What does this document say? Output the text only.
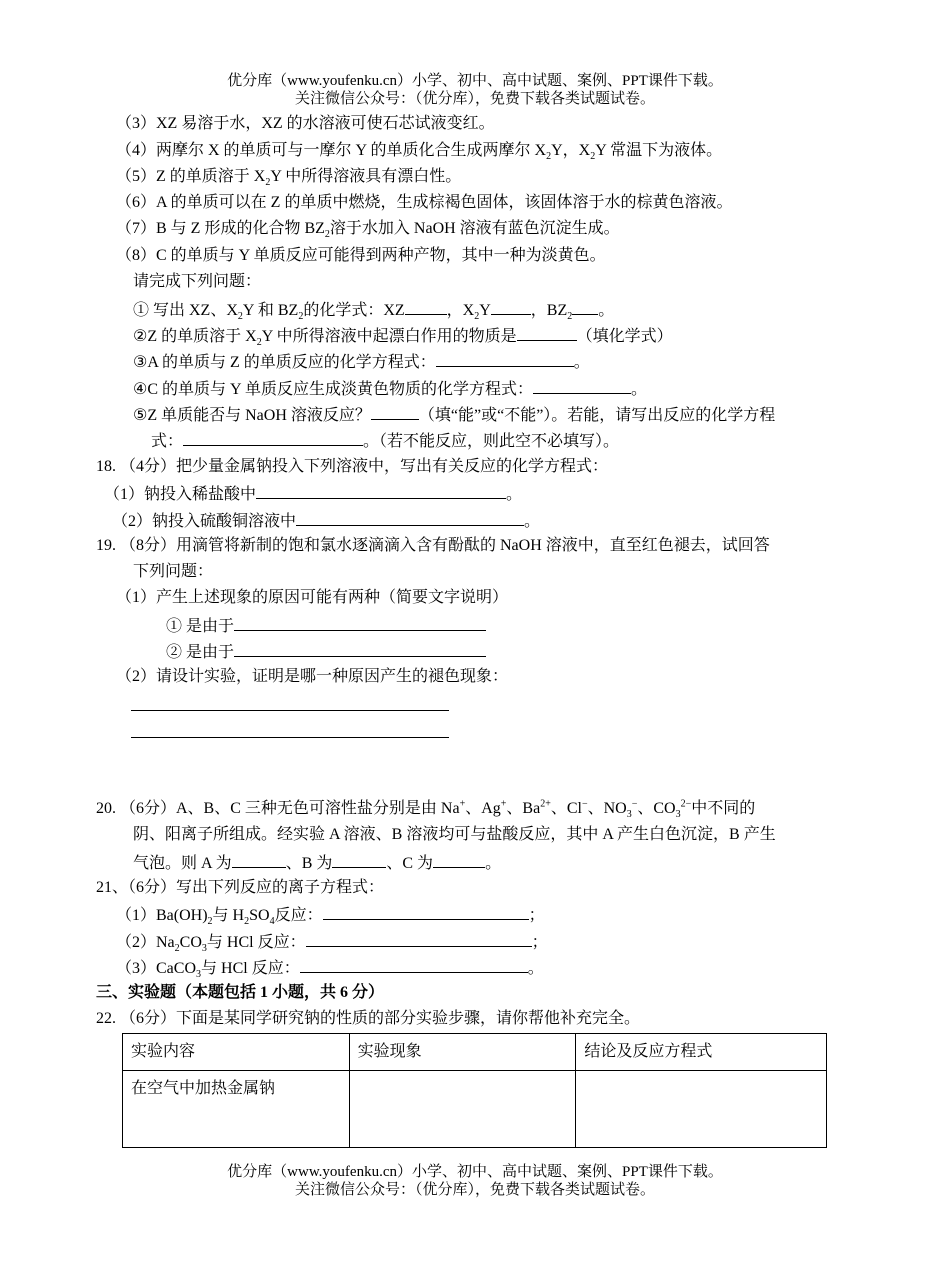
优分库（www.youfenku.cn）小学、初中、高中试题、案例、PPT课件下载。
关注微信公众号：（优分库），免费下载各类试题试卷。
（3）XZ 易溶于水，XZ 的水溶液可使石芯试液变红。
（4）两摩尔 X 的单质可与一摩尔 Y 的单质化合生成两摩尔 $X_2Y$，$X_2Y$ 常温下为液体。
（5）Z 的单质溶于 $X_2Y$ 中所得溶液具有漂白性。
（6）A 的单质可以在 Z 的单质中燃烧，生成棕褐色固体，该固体溶于水的棕黄色溶液。
（7）B 与 Z 形成的化合物 $BZ_2$溶于水加入 NaOH 溶液有蓝色沉淀生成。
（8）C 的单质与 Y 单质反应可能得到两种产物，其中一种为淡黄色。
请完成下列问题：
① 写出 XZ、$X_2Y$ 和 $BZ_2$的化学式：XZ	，$X_2Y$	，$BZ_2$ 。
②Z 的单质溶于 $X_2Y$ 中所得溶液中起漂白作用的物质是	（填化学式）
③A 的单质与 Z 的单质反应的化学方程式：	。
④C 的单质与 Y 单质反应生成淡黄色物质的化学方程式：	。
⑤Z 单质能否与 NaOH 溶液反应？	（填“能”或“不能”）。若能，请写出反应的化学方程
式：	。（若不能反应，则此空不必填写）。
18. （4分）把少量金属钠投入下列溶液中，写出有关反应的化学方程式：
（1）钠投入稀盐酸中	。
（2）钠投入硫酸铜溶液中	。
19. （8分）用滴管将新制的饱和氯水逐滴滴入含有酚酞的 NaOH 溶液中，直至红色褪去，试回答
下列问题：
（1）产生上述现象的原因可能有两种（简要文字说明）
① 是由于
② 是由于
（2）请设计实验，证明是哪一种原因产生的褪色现象：
20. （6分）A、B、C 三种无色可溶性盐分别是由 Na+、Ag+、$Ba^{2+}$、Cl−、$NO_3^-$、$CO_3^{2-}$中不同的
阴、阳离子所组成。经实验 A 溶液、B 溶液均可与盐酸反应，其中 A 产生白色沉淀，B 产生
气泡。则 A 为	、B 为	、C 为	。
21、（6分）写出下列反应的离子方程式：
$(1)Ba(OH)_2$与 $H_2SO_4$反应：	；
$(2)Na_2CO_3$与 HCl 反应：	；
（3）CaCO$_3$与 HCl 反应：	。
三、实验题（本题包括 1 小题，共 6 分）
22. （6分）下面是某同学研究钠的性质的部分实验步骤，请你帮他补充完全。
实验内容	实验现象	结论及反应方程式
在空气中加热金属钠		
优分库（www.youfenku.cn）小学、初中、高中试题、案例、PPT课件下载。
关注微信公众号：（优分库），免费下载各类试题试卷。
